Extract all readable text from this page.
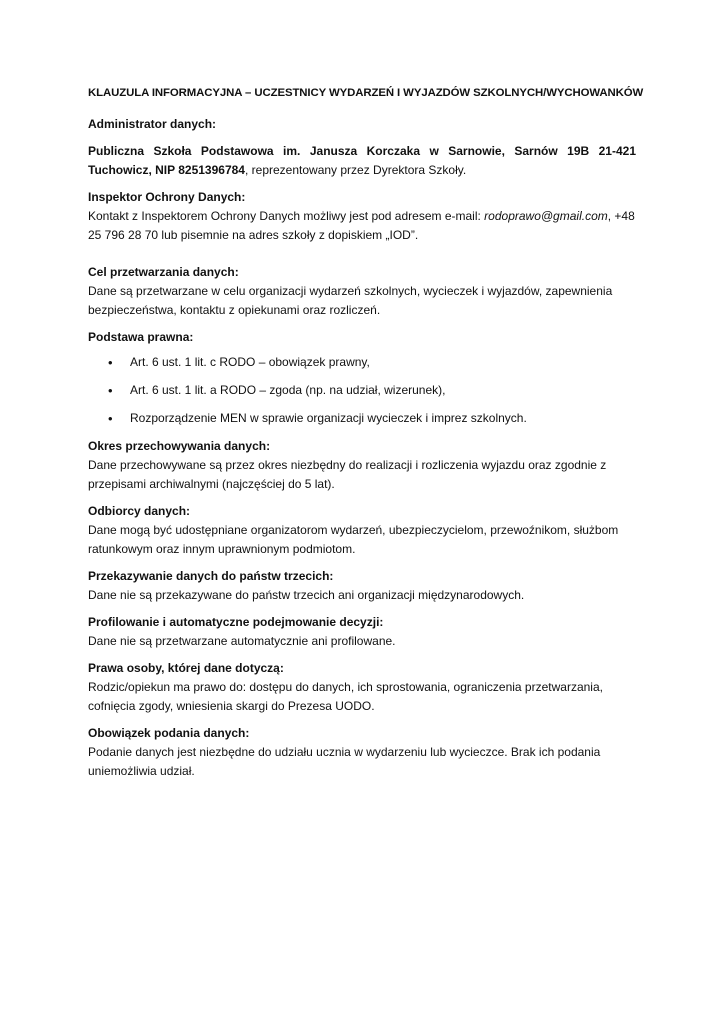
KLAUZULA INFORMACYJNA – UCZESTNICY WYDARZEŃ I WYJAZDÓW SZKOLNYCH/WYCHOWANKÓW
Administrator danych:
Publiczna Szkoła Podstawowa im. Janusza Korczaka w Sarnowie, Sarnów 19B 21-421 Tuchowicz, NIP 8251396784, reprezentowany przez Dyrektora Szkoły.
Inspektor Ochrony Danych:
Kontakt z Inspektorem Ochrony Danych możliwy jest pod adresem e-mail: rodoprawo@gmail.com, +48 25 796 28 70 lub pisemnie na adres szkoły z dopiskiem „IOD”.
Cel przetwarzania danych:
Dane są przetwarzane w celu organizacji wydarzeń szkolnych, wycieczek i wyjazdów, zapewnienia bezpieczeństwa, kontaktu z opiekunami oraz rozliczeń.
Podstawa prawna:
• Art. 6 ust. 1 lit. c RODO – obowiązek prawny,
• Art. 6 ust. 1 lit. a RODO – zgoda (np. na udział, wizerunek),
• Rozporządzenie MEN w sprawie organizacji wycieczek i imprez szkolnych.
Okres przechowywania danych:
Dane przechowywane są przez okres niezbędny do realizacji i rozliczenia wyjazdu oraz zgodnie z przepisami archiwalnymi (najczęściej do 5 lat).
Odbiorcy danych:
Dane mogą być udostępniane organizatorom wydarzeń, ubezpieczycielom, przewoźnikom, służbom ratunkowym oraz innym uprawnionym podmiotom.
Przekazywanie danych do państw trzecich:
Dane nie są przekazywane do państw trzecich ani organizacji międzynarodowych.
Profilowanie i automatyczne podejmowanie decyzji:
Dane nie są przetwarzane automatycznie ani profilowane.
Prawa osoby, której dane dotyczą:
Rodzic/opiekun ma prawo do: dostępu do danych, ich sprostowania, ograniczenia przetwarzania, cofnięcia zgody, wniesienia skargi do Prezesa UODO.
Obowiązek podania danych:
Podanie danych jest niezbędne do udziału ucznia w wydarzeniu lub wycieczce. Brak ich podania uniemożliwia udział.
